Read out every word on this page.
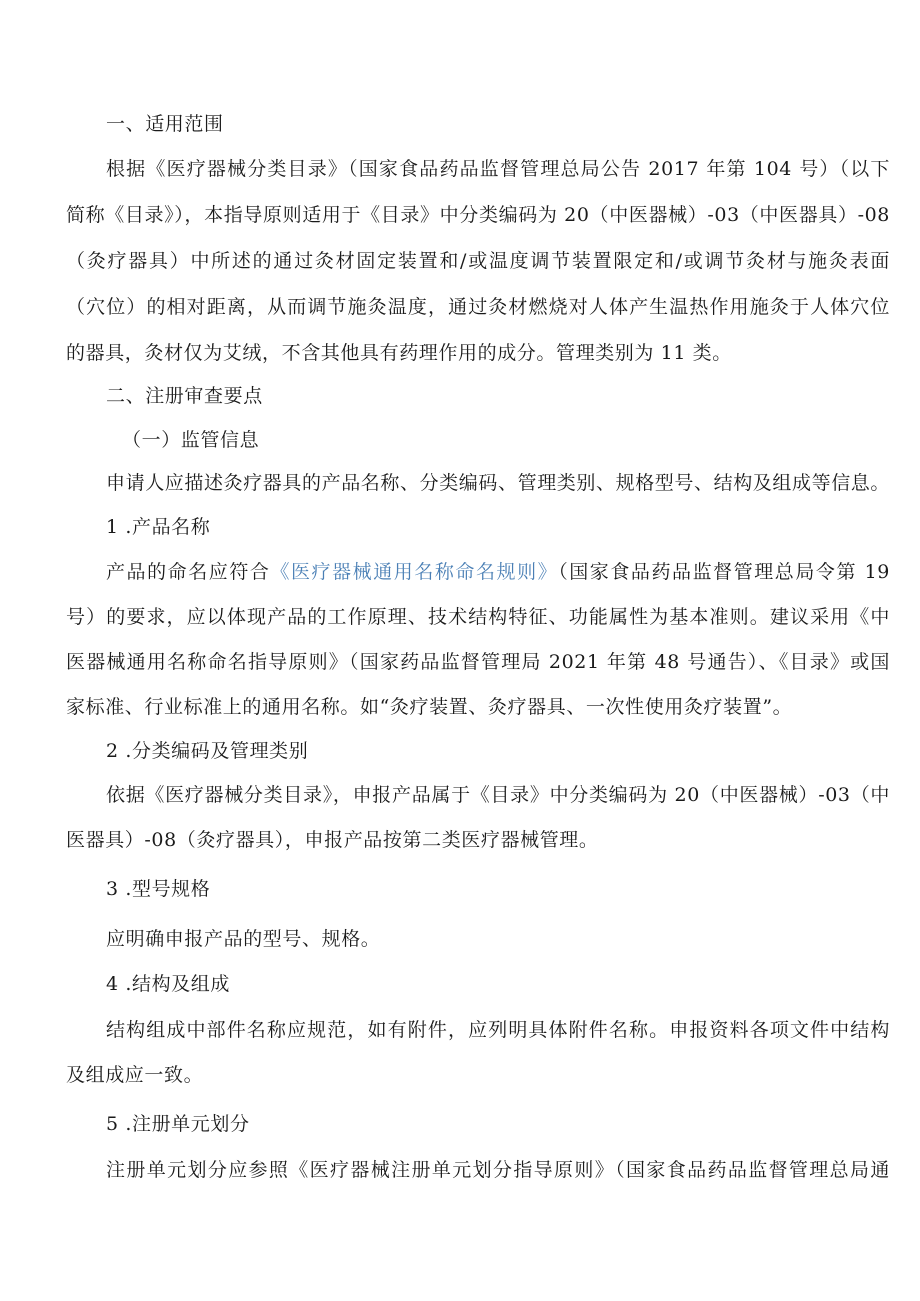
一、适用范围
根据《医疗器械分类目录》（国家食品药品监督管理总局公告 2017 年第 104 号）（以下
简称《目录》），本指导原则适用于《目录》中分类编码为 20（中医器械）-03（中医器具）-08
（灸疗器具）中所述的通过灸材固定装置和/或温度调节装置限定和/或调节灸材与施灸表面
（穴位）的相对距离，从而调节施灸温度，通过灸材燃烧对人体产生温热作用施灸于人体穴位
的器具，灸材仅为艾绒，不含其他具有药理作用的成分。管理类别为 11 类。
二、注册审查要点
（一）监管信息
申请人应描述灸疗器具的产品名称、分类编码、管理类别、规格型号、结构及组成等信息。
1 .产品名称
产品的命名应符合《医疗器械通用名称命名规则》（国家食品药品监督管理总局令第 19
号）的要求，应以体现产品的工作原理、技术结构特征、功能属性为基本准则。建议采用《中
医器械通用名称命名指导原则》（国家药品监督管理局 2021 年第 48 号通告）、《目录》或国
家标准、行业标准上的通用名称。如“灸疗装置、灸疗器具、一次性使用灸疗装置”。
2 .分类编码及管理类别
依据《医疗器械分类目录》，申报产品属于《目录》中分类编码为 20（中医器械）-03（中
医器具）-08（灸疗器具），申报产品按第二类医疗器械管理。
3 .型号规格
应明确申报产品的型号、规格。
4 .结构及组成
结构组成中部件名称应规范，如有附件，应列明具体附件名称。申报资料各项文件中结构
及组成应一致。
5 .注册单元划分
注册单元划分应参照《医疗器械注册单元划分指导原则》（国家食品药品监督管理总局通
